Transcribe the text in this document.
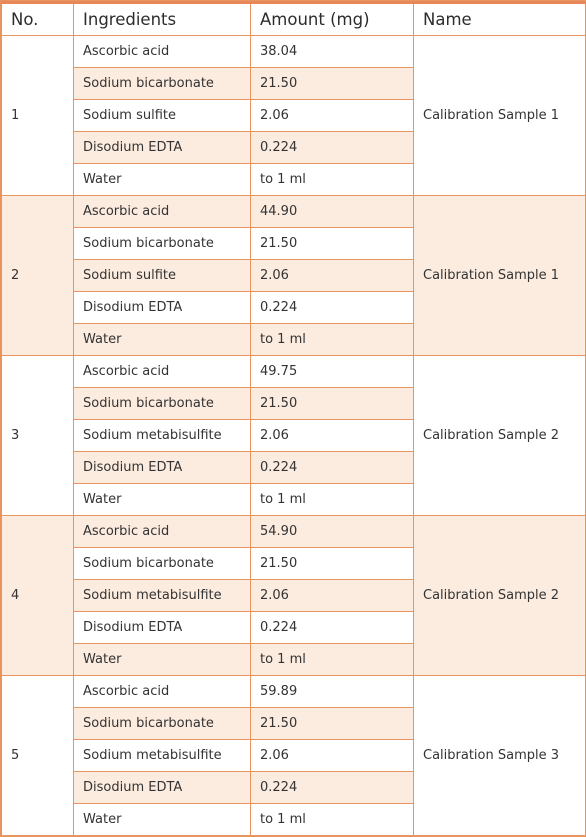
No.	Ingredients	Amount (mg)	Name
1	Ascorbic acid	38.04	Calibration Sample 1
	Sodium bicarbonate	21.50	
	Sodium sulfite	2.06	
	Disodium EDTA	0.224	
	Water	to 1 ml	
2	Ascorbic acid	44.90	Calibration Sample 1
	Sodium bicarbonate	21.50	
	Sodium sulfite	2.06	
	Disodium EDTA	0.224	
	Water	to 1 ml	
3	Ascorbic acid	49.75	Calibration Sample 2
	Sodium bicarbonate	21.50	
	Sodium metabisulfite	2.06	
	Disodium EDTA	0.224	
	Water	to 1 ml	
4	Ascorbic acid	54.90	Calibration Sample 2
	Sodium bicarbonate	21.50	
	Sodium metabisulfite	2.06	
	Disodium EDTA	0.224	
	Water	to 1 ml	
5	Ascorbic acid	59.89	Calibration Sample 3
	Sodium bicarbonate	21.50	
	Sodium metabisulfite	2.06	
	Disodium EDTA	0.224	
	Water	to 1 ml	
